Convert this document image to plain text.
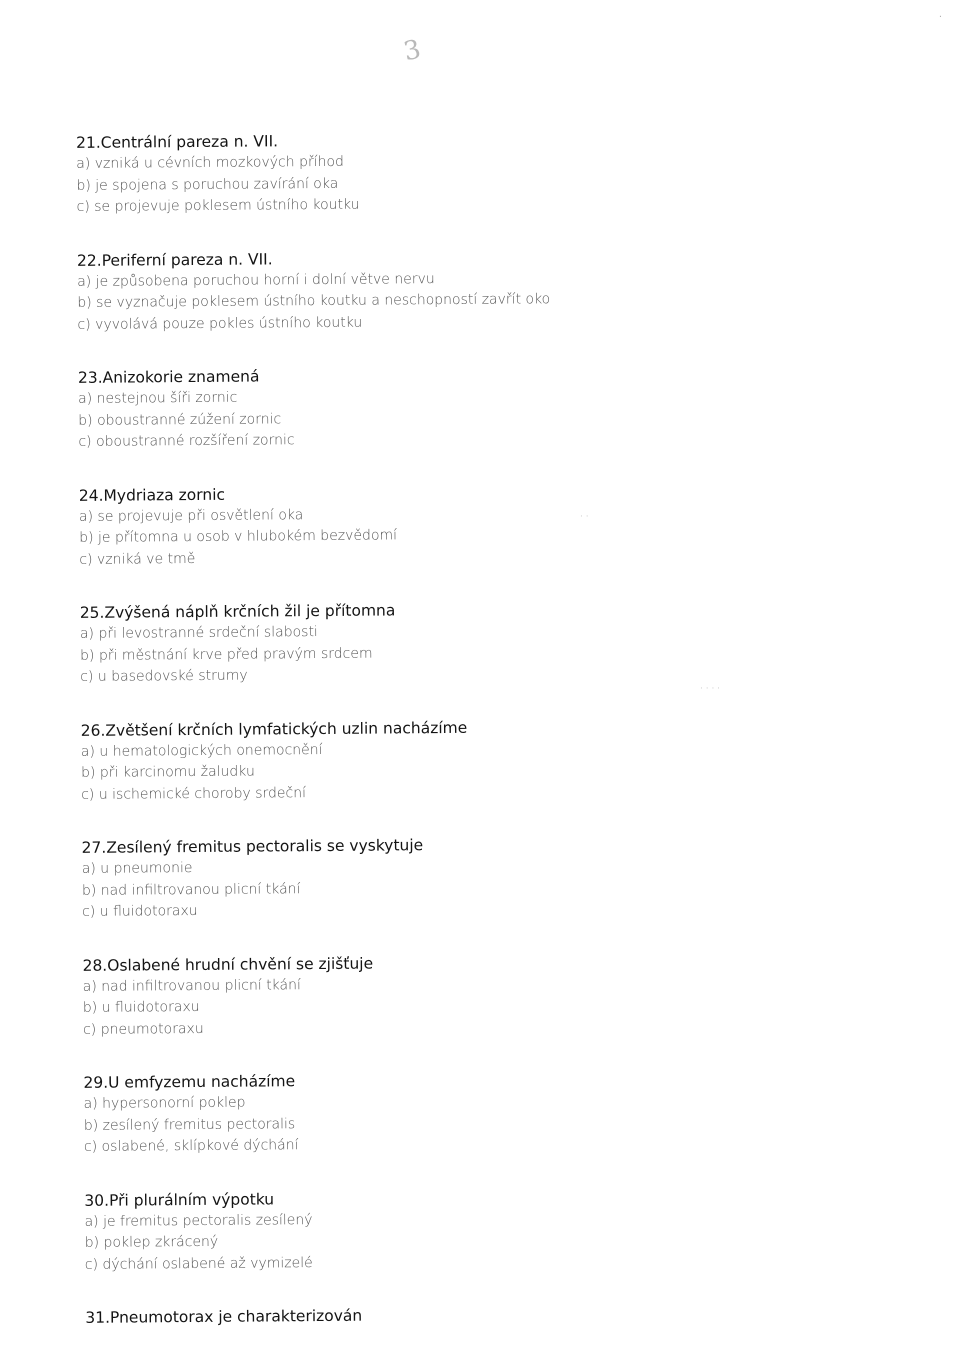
3
·
· ·
· · · ·
21.Centrální pareza n. VII.
a) vzniká u cévních mozkových příhod
b) je spojena s poruchou zavírání oka
c) se projevuje poklesem ústního koutku
22.Periferní pareza n. VII.
a) je způsobena poruchou horní i dolní větve nervu
b) se vyznačuje poklesem ústního koutku a neschopností zavřít oko
c) vyvolává pouze pokles ústního koutku
23.Anizokorie znamená
a) nestejnou šíři zornic
b) oboustranné zúžení zornic
c) oboustranné rozšíření zornic
24.Mydriaza zornic
a) se projevuje při osvětlení oka
b) je přítomna u osob v hlubokém bezvědomí
c) vzniká ve tmě
25.Zvýšená náplň krčních žil je přítomna
a) při levostranné srdeční slabosti
b) při městnání krve před pravým srdcem
c) u basedovské strumy
26.Zvětšení krčních lymfatických uzlin nacházíme
a) u hematologických onemocnění
b) při karcinomu žaludku
c) u ischemické choroby srdeční
27.Zesílený fremitus pectoralis se vyskytuje
a) u pneumonie
b) nad infiltrovanou plicní tkání
c) u fluidotoraxu
28.Oslabené hrudní chvění se zjišťuje
a) nad infiltrovanou plicní tkání
b) u fluidotoraxu
c) pneumotoraxu
29.U emfyzemu nacházíme
a) hypersonorní poklep
b) zesílený fremitus pectoralis
c) oslabené, sklípkové dýchání
30.Při plurálním výpotku
a) je fremitus pectoralis zesílený
b) poklep zkrácený
c) dýchání oslabené až vymizelé
31.Pneumotorax je charakterizován
